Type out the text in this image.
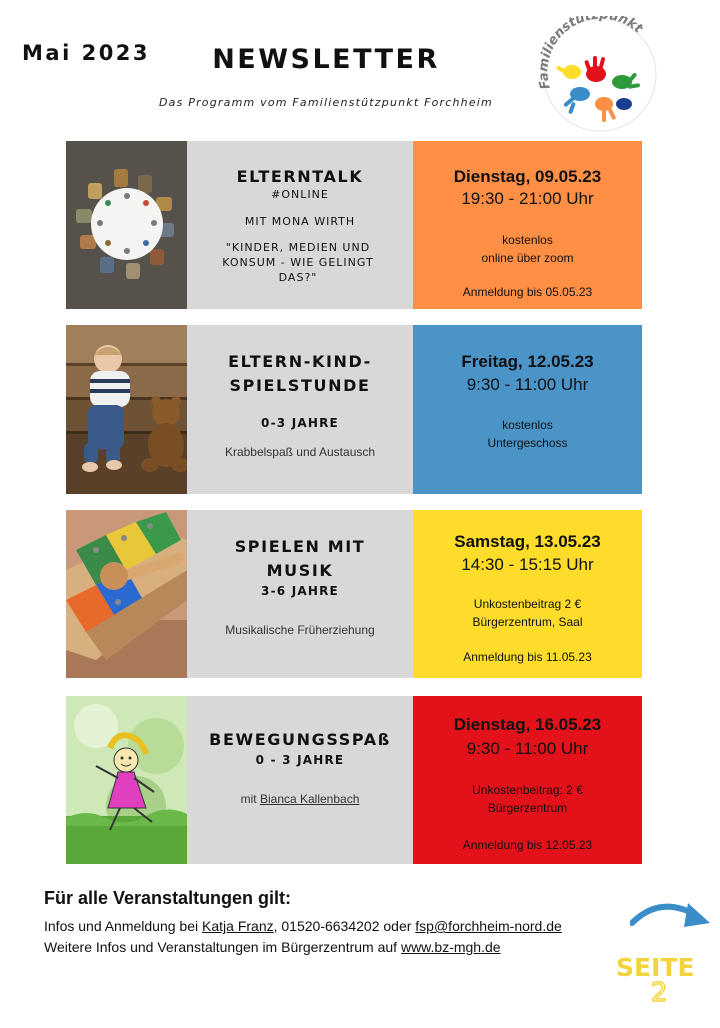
Mai 2023	NEWSLETTER
Das Programm vom Familienstützpunkt Forchheim
Familienstüt unkt
ELTERNTALK
#ONLINE
MIT MONA WIRTH
"KINDER, MEDIEN UND KONSUM - WIE GELINGT DAS?"
Dienstag, 09.05.23
19:30 - 21:00 Uhr
kostenlos
online über zoom
Anmeldung bis 05.05.23
ELTERN-KIND-
SPIELSTUNDE
0-3 JAHRE
Krabbelspaß und Austausch
Freitag, 12.05.23
9:30 - 11:00 Uhr
kostenlos
Untergeschoss
SPIELEN MIT
MUSIK
3-6 JAHRE
Musikalische Früherziehung
Samstag, 13.05.23
14:30 - 15:15 Uhr
Unkostenbeitrag 2 €
Bürgerzentrum, Saal
Anmeldung bis 11.05.23
BEWEGUNGSSPAß
0 - 3 JAHRE
mit Bianca Kallenbach
Dienstag, 16.05.23
9:30 - 11:00 Uhr
Unkostenbeitrag: 2 €
Bürgerzentrum
Anmeldung bis 12.05.23
Für alle Veranstaltungen gilt:
Infos und Anmeldung bei Katja Franz, 01520-6634202 oder fsp@forchheim-nord.de
Weitere Infos und Veranstaltungen im Bürgerzentrum auf www.bz-mgh.de
SEITE
2
